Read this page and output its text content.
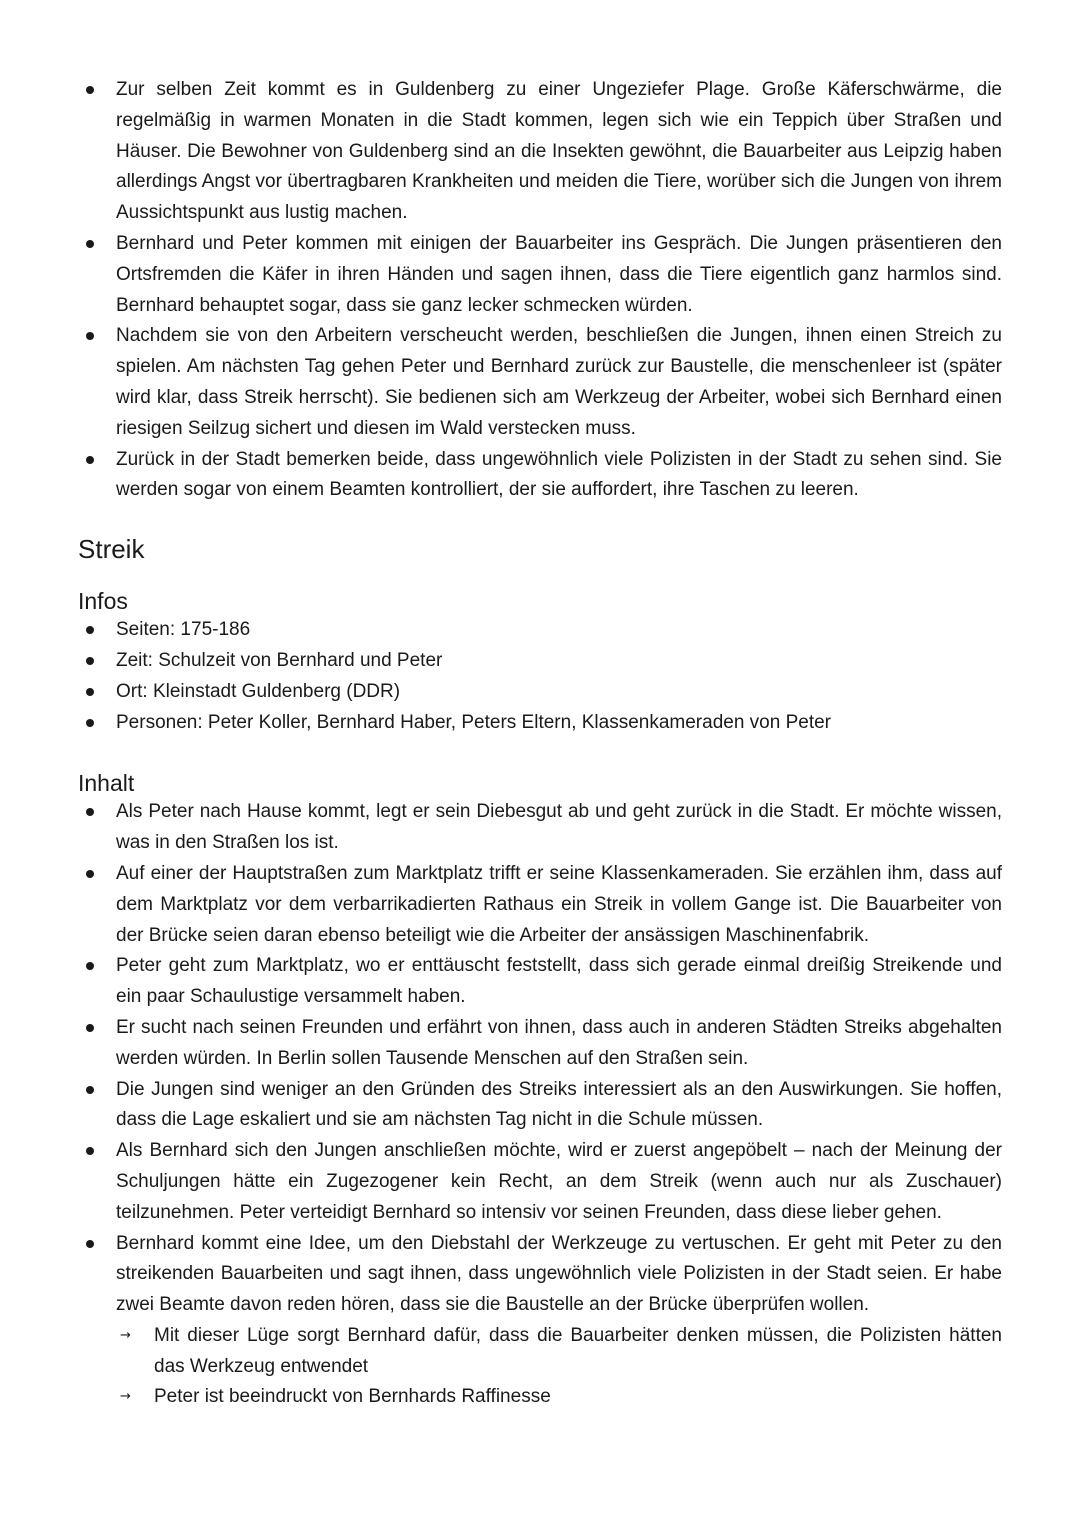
Zur selben Zeit kommt es in Guldenberg zu einer Ungeziefer Plage. Große Käferschwärme, die regelmäßig in warmen Monaten in die Stadt kommen, legen sich wie ein Teppich über Straßen und Häuser. Die Bewohner von Guldenberg sind an die Insekten gewöhnt, die Bauarbeiter aus Leipzig haben allerdings Angst vor übertragbaren Krankheiten und meiden die Tiere, worüber sich die Jungen von ihrem Aussichtspunkt aus lustig machen.
Bernhard und Peter kommen mit einigen der Bauarbeiter ins Gespräch. Die Jungen präsentieren den Ortsfremden die Käfer in ihren Händen und sagen ihnen, dass die Tiere eigentlich ganz harmlos sind. Bernhard behauptet sogar, dass sie ganz lecker schmecken würden.
Nachdem sie von den Arbeitern verscheucht werden, beschließen die Jungen, ihnen einen Streich zu spielen. Am nächsten Tag gehen Peter und Bernhard zurück zur Baustelle, die menschenleer ist (später wird klar, dass Streik herrscht). Sie bedienen sich am Werkzeug der Arbeiter, wobei sich Bernhard einen riesigen Seilzug sichert und diesen im Wald verstecken muss.
Zurück in der Stadt bemerken beide, dass ungewöhnlich viele Polizisten in der Stadt zu sehen sind. Sie werden sogar von einem Beamten kontrolliert, der sie auffordert, ihre Taschen zu leeren.
Streik
Infos
Seiten: 175-186
Zeit: Schulzeit von Bernhard und Peter
Ort: Kleinstadt Guldenberg (DDR)
Personen: Peter Koller, Bernhard Haber, Peters Eltern, Klassenkameraden von Peter
Inhalt
Als Peter nach Hause kommt, legt er sein Diebesgut ab und geht zurück in die Stadt. Er möchte wissen, was in den Straßen los ist.
Auf einer der Hauptstraßen zum Marktplatz trifft er seine Klassenkameraden. Sie erzählen ihm, dass auf dem Marktplatz vor dem verbarrikadierten Rathaus ein Streik in vollem Gange ist. Die Bauarbeiter von der Brücke seien daran ebenso beteiligt wie die Arbeiter der ansässigen Maschinenfabrik.
Peter geht zum Marktplatz, wo er enttäuscht feststellt, dass sich gerade einmal dreißig Streikende und ein paar Schaulustige versammelt haben.
Er sucht nach seinen Freunden und erfährt von ihnen, dass auch in anderen Städten Streiks abgehalten werden würden. In Berlin sollen Tausende Menschen auf den Straßen sein.
Die Jungen sind weniger an den Gründen des Streiks interessiert als an den Auswirkungen. Sie hoffen, dass die Lage eskaliert und sie am nächsten Tag nicht in die Schule müssen.
Als Bernhard sich den Jungen anschließen möchte, wird er zuerst angepöbelt – nach der Meinung der Schuljungen hätte ein Zugezogener kein Recht, an dem Streik (wenn auch nur als Zuschauer) teilzunehmen. Peter verteidigt Bernhard so intensiv vor seinen Freunden, dass diese lieber gehen.
Bernhard kommt eine Idee, um den Diebstahl der Werkzeuge zu vertuschen. Er geht mit Peter zu den streikenden Bauarbeiten und sagt ihnen, dass ungewöhnlich viele Polizisten in der Stadt seien. Er habe zwei Beamte davon reden hören, dass sie die Baustelle an der Brücke überprüfen wollen.
→ Mit dieser Lüge sorgt Bernhard dafür, dass die Bauarbeiter denken müssen, die Polizisten hätten das Werkzeug entwendet
→ Peter ist beeindruckt von Bernhards Raffinesse
